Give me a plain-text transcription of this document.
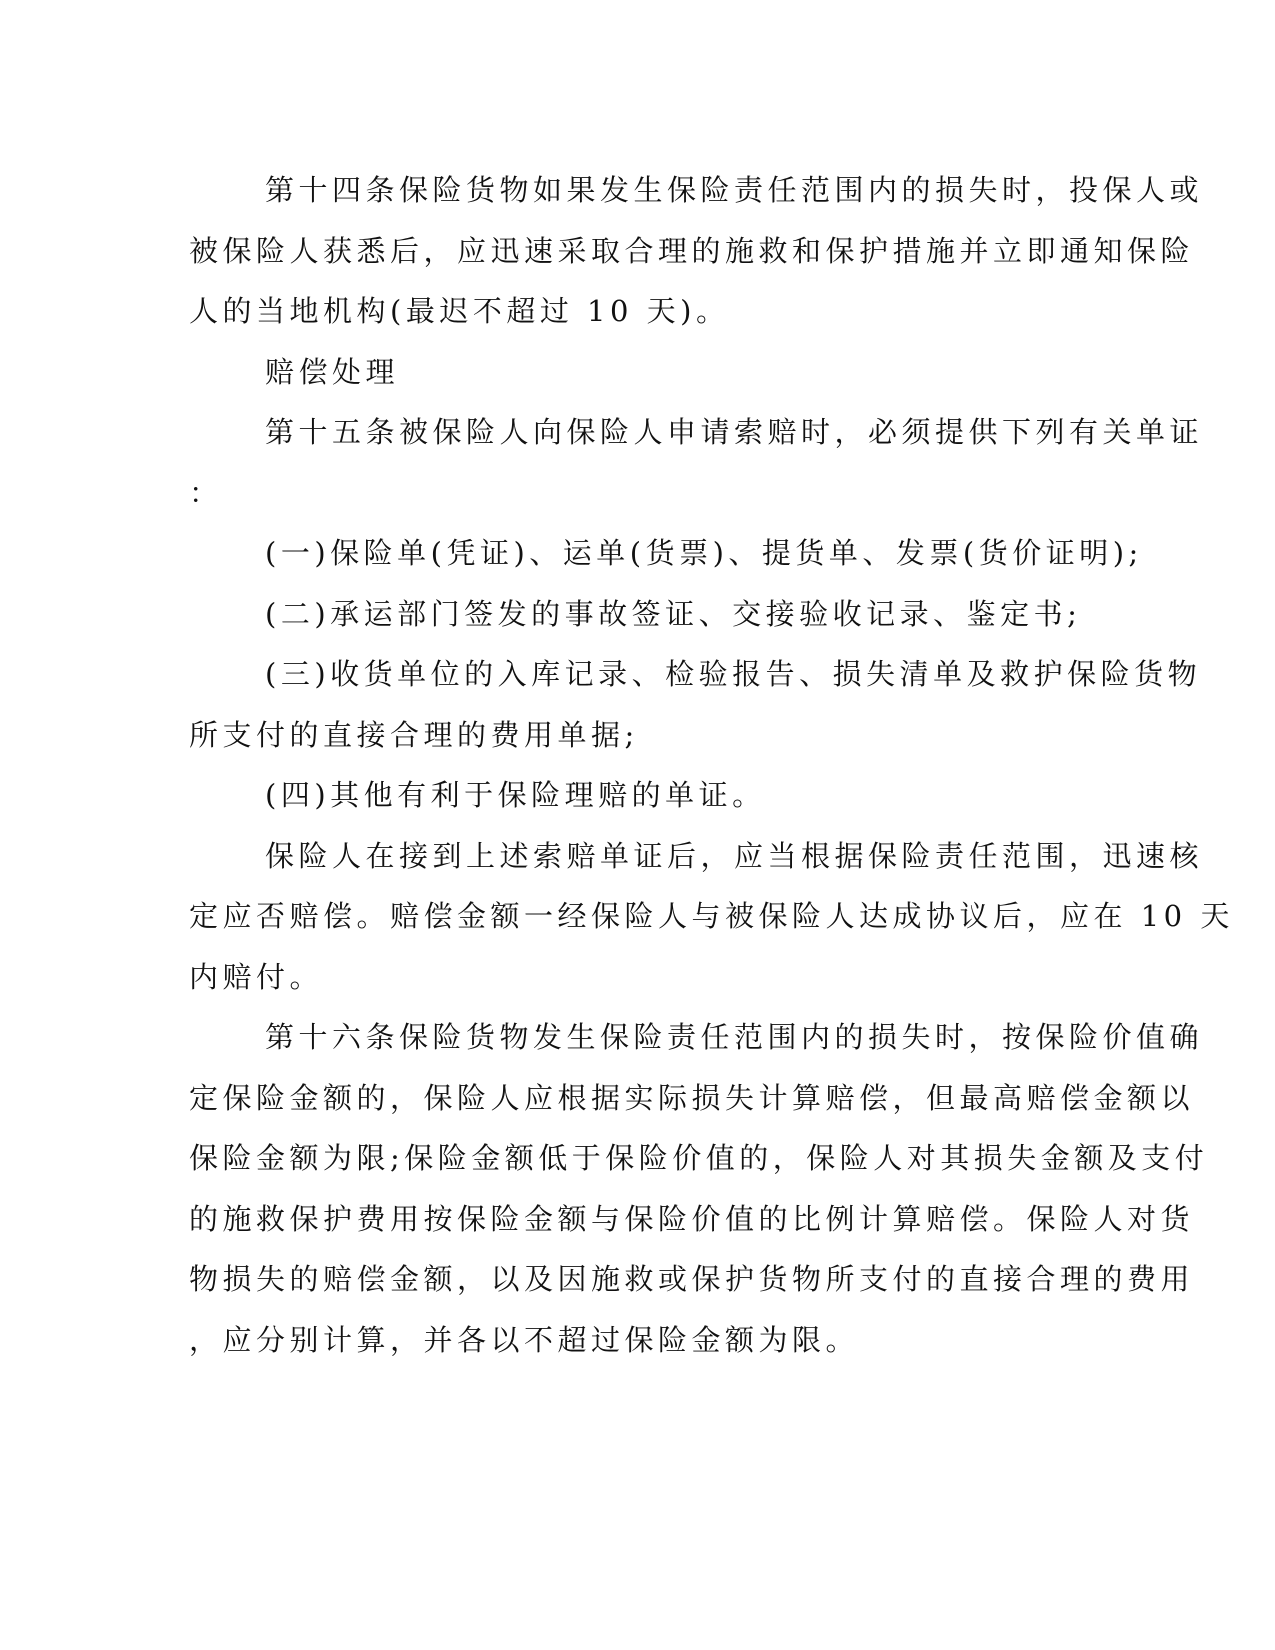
第十四条保险货物如果发生保险责任范围内的损失时，投保人或
被保险人获悉后，应迅速采取合理的施救和保护措施并立即通知保险
人的当地机构(最迟不超过 10 天)。
赔偿处理
第十五条被保险人向保险人申请索赔时，必须提供下列有关单证
：
(一)保险单(凭证)、运单(货票)、提货单、发票(货价证明);
(二)承运部门签发的事故签证、交接验收记录、鉴定书;
(三)收货单位的入库记录、检验报告、损失清单及救护保险货物
所支付的直接合理的费用单据;
(四)其他有利于保险理赔的单证。
保险人在接到上述索赔单证后，应当根据保险责任范围，迅速核
定应否赔偿。赔偿金额一经保险人与被保险人达成协议后，应在 10 天
内赔付。
第十六条保险货物发生保险责任范围内的损失时，按保险价值确
定保险金额的，保险人应根据实际损失计算赔偿，但最高赔偿金额以
保险金额为限;保险金额低于保险价值的，保险人对其损失金额及支付
的施救保护费用按保险金额与保险价值的比例计算赔偿。保险人对货
物损失的赔偿金额，以及因施救或保护货物所支付的直接合理的费用
，应分别计算，并各以不超过保险金额为限。
